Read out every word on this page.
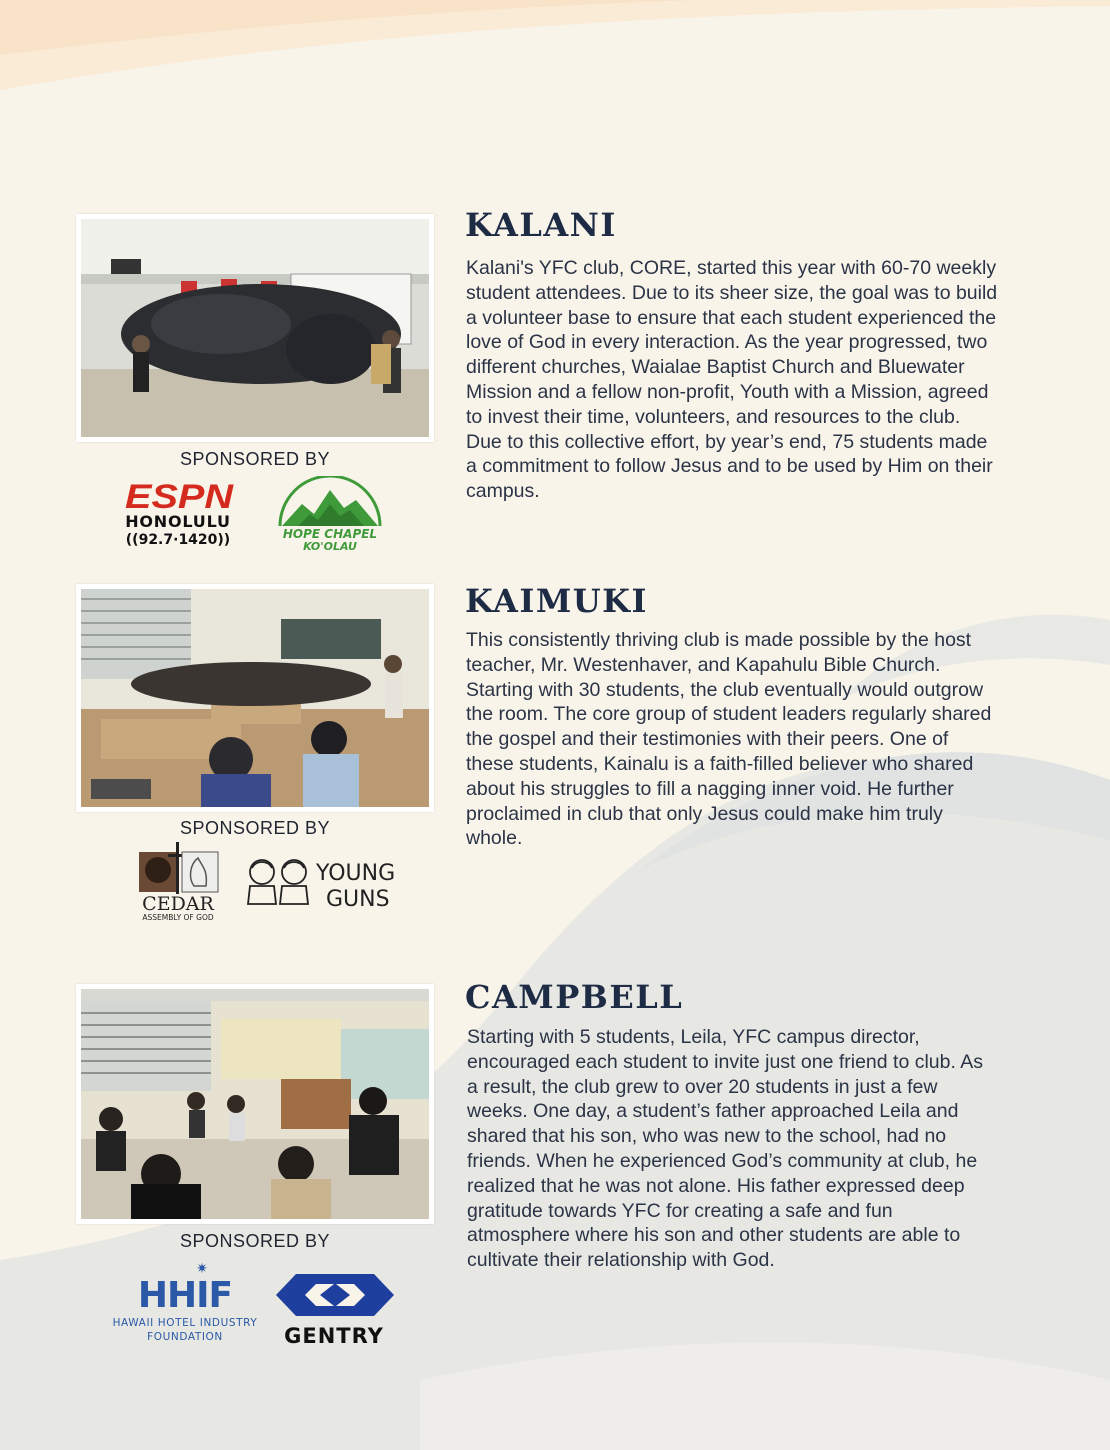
SPONSORED BY
ESPN
HONOLULU
((92.7·1420))	HOPE CHAPEL
KO'OLAU
KALANI

Kalani's YFC club, CORE, started this year with 60-70 weekly student attendees. Due to its sheer size, the goal was to build a volunteer base to ensure that each student experienced the love of God in every interaction. As the year progressed, two different churches, Waialae Baptist Church and Bluewater Mission and a fellow non-profit, Youth with a Mission, agreed to invest their time, volunteers, and resources to the club. Due to this collective effort, by year’s end, 75 students made a commitment to follow Jesus and to be used by Him on their campus.

SPONSORED BY
CEDAR
ASSEMBLY OF GOD
YOUNG
GUNS
KAIMUKI

This consistently thriving club is made possible by the host teacher, Mr. Westenhaver, and Kapahulu Bible Church. Starting with 30 students, the club eventually would outgrow the room. The core group of student leaders regularly shared the gospel and their testimonies with their peers. One of these students, Kainalu is a faith-filled believer who shared about his struggles to fill a nagging inner void. He further proclaimed in club that only Jesus could make him truly whole.

SPONSORED BY
✷
HHIF
HAWAII HOTEL INDUSTRY
FOUNDATION	GENTRY
CAMPBELL

Starting with 5 students, Leila, YFC campus director, encouraged each student to invite just one friend to club. As a result, the club grew to over 20 students in just a few weeks. One day, a student’s father approached Leila and shared that his son, who was new to the school, had no friends. When he experienced God’s community at club, he realized that he was not alone. His father expressed deep gratitude towards YFC for creating a safe and fun atmosphere where his son and other students are able to cultivate their relationship with God.
